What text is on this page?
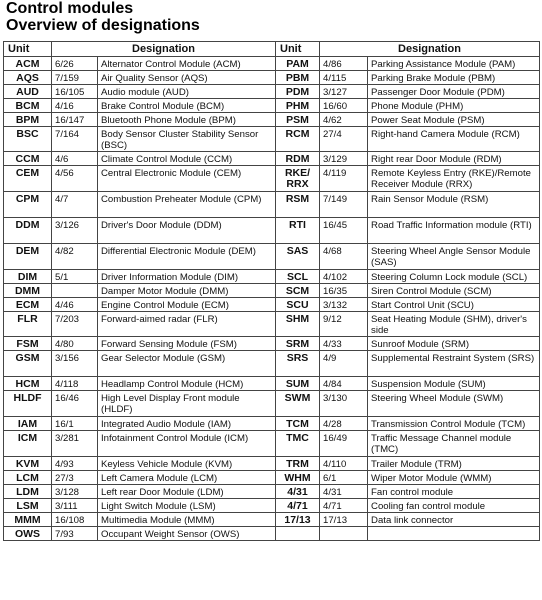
Control modules
Overview of designations
Unit	Designation		Unit	Designation	
ACM	6/26	Alternator Control Module (ACM)	PAM	4/86	Parking Assistance Module (PAM)
AQS	7/159	Air Quality Sensor (AQS)	PBM	4/115	Parking Brake Module (PBM)
AUD	16/105	Audio module (AUD)	PDM	3/127	Passenger Door Module (PDM)
BCM	4/16	Brake Control Module (BCM)	PHM	16/60	Phone Module (PHM)
BPM	16/147	Bluetooth Phone Module (BPM)	PSM	4/62	Power Seat Module (PSM)
BSC	7/164	Body Sensor Cluster Stability Sensor (BSC)	RCM	27/4	Right-hand Camera Module (RCM)
CCM	4/6	Climate Control Module (CCM)	RDM	3/129	Right rear Door Module (RDM)
CEM	4/56	Central Electronic Module (CEM)	RKE/ RRX	4/119	Remote Keyless Entry (RKE)/Remote Receiver Module (RRX)
CPM	4/7	Combustion Preheater Module (CPM)	RSM	7/149	Rain Sensor Module (RSM)
DDM	3/126	Driver's Door Module (DDM)	RTI	16/45	Road Traffic Information module (RTI)
DEM	4/82	Differential Electronic Module (DEM)	SAS	4/68	Steering Wheel Angle Sensor Module (SAS)
DIM	5/1	Driver Information Module (DIM)	SCL	4/102	Steering Column Lock module (SCL)
DMM		Damper Motor Module (DMM)	SCM	16/35	Siren Control Module (SCM)
ECM	4/46	Engine Control Module (ECM)	SCU	3/132	Start Control Unit (SCU)
FLR	7/203	Forward-aimed radar (FLR)	SHM	9/12	Seat Heating Module (SHM), driver's side
FSM	4/80	Forward Sensing Module (FSM)	SRM	4/33	Sunroof Module (SRM)
GSM	3/156	Gear Selector Module (GSM)	SRS	4/9	Supplemental Restraint System (SRS)
HCM	4/118	Headlamp Control Module (HCM)	SUM	4/84	Suspension Module (SUM)
HLDF	16/46	High Level Display Front module (HLDF)	SWM	3/130	Steering Wheel Module (SWM)
IAM	16/1	Integrated Audio Module (IAM)	TCM	4/28	Transmission Control Module (TCM)
ICM	3/281	Infotainment Control Module (ICM)	TMC	16/49	Traffic Message Channel module (TMC)
KVM	4/93	Keyless Vehicle Module (KVM)	TRM	4/110	Trailer Module (TRM)
LCM	27/3	Left Camera Module (LCM)	WHM	6/1	Wiper Motor Module (WMM)
LDM	3/128	Left rear Door Module (LDM)	4/31	4/31	Fan control module
LSM	3/111	Light Switch Module (LSM)	4/71	4/71	Cooling fan control module
MMM	16/108	Multimedia Module (MMM)	17/13	17/13	Data link connector
OWS	7/93	Occupant Weight Sensor (OWS)			
